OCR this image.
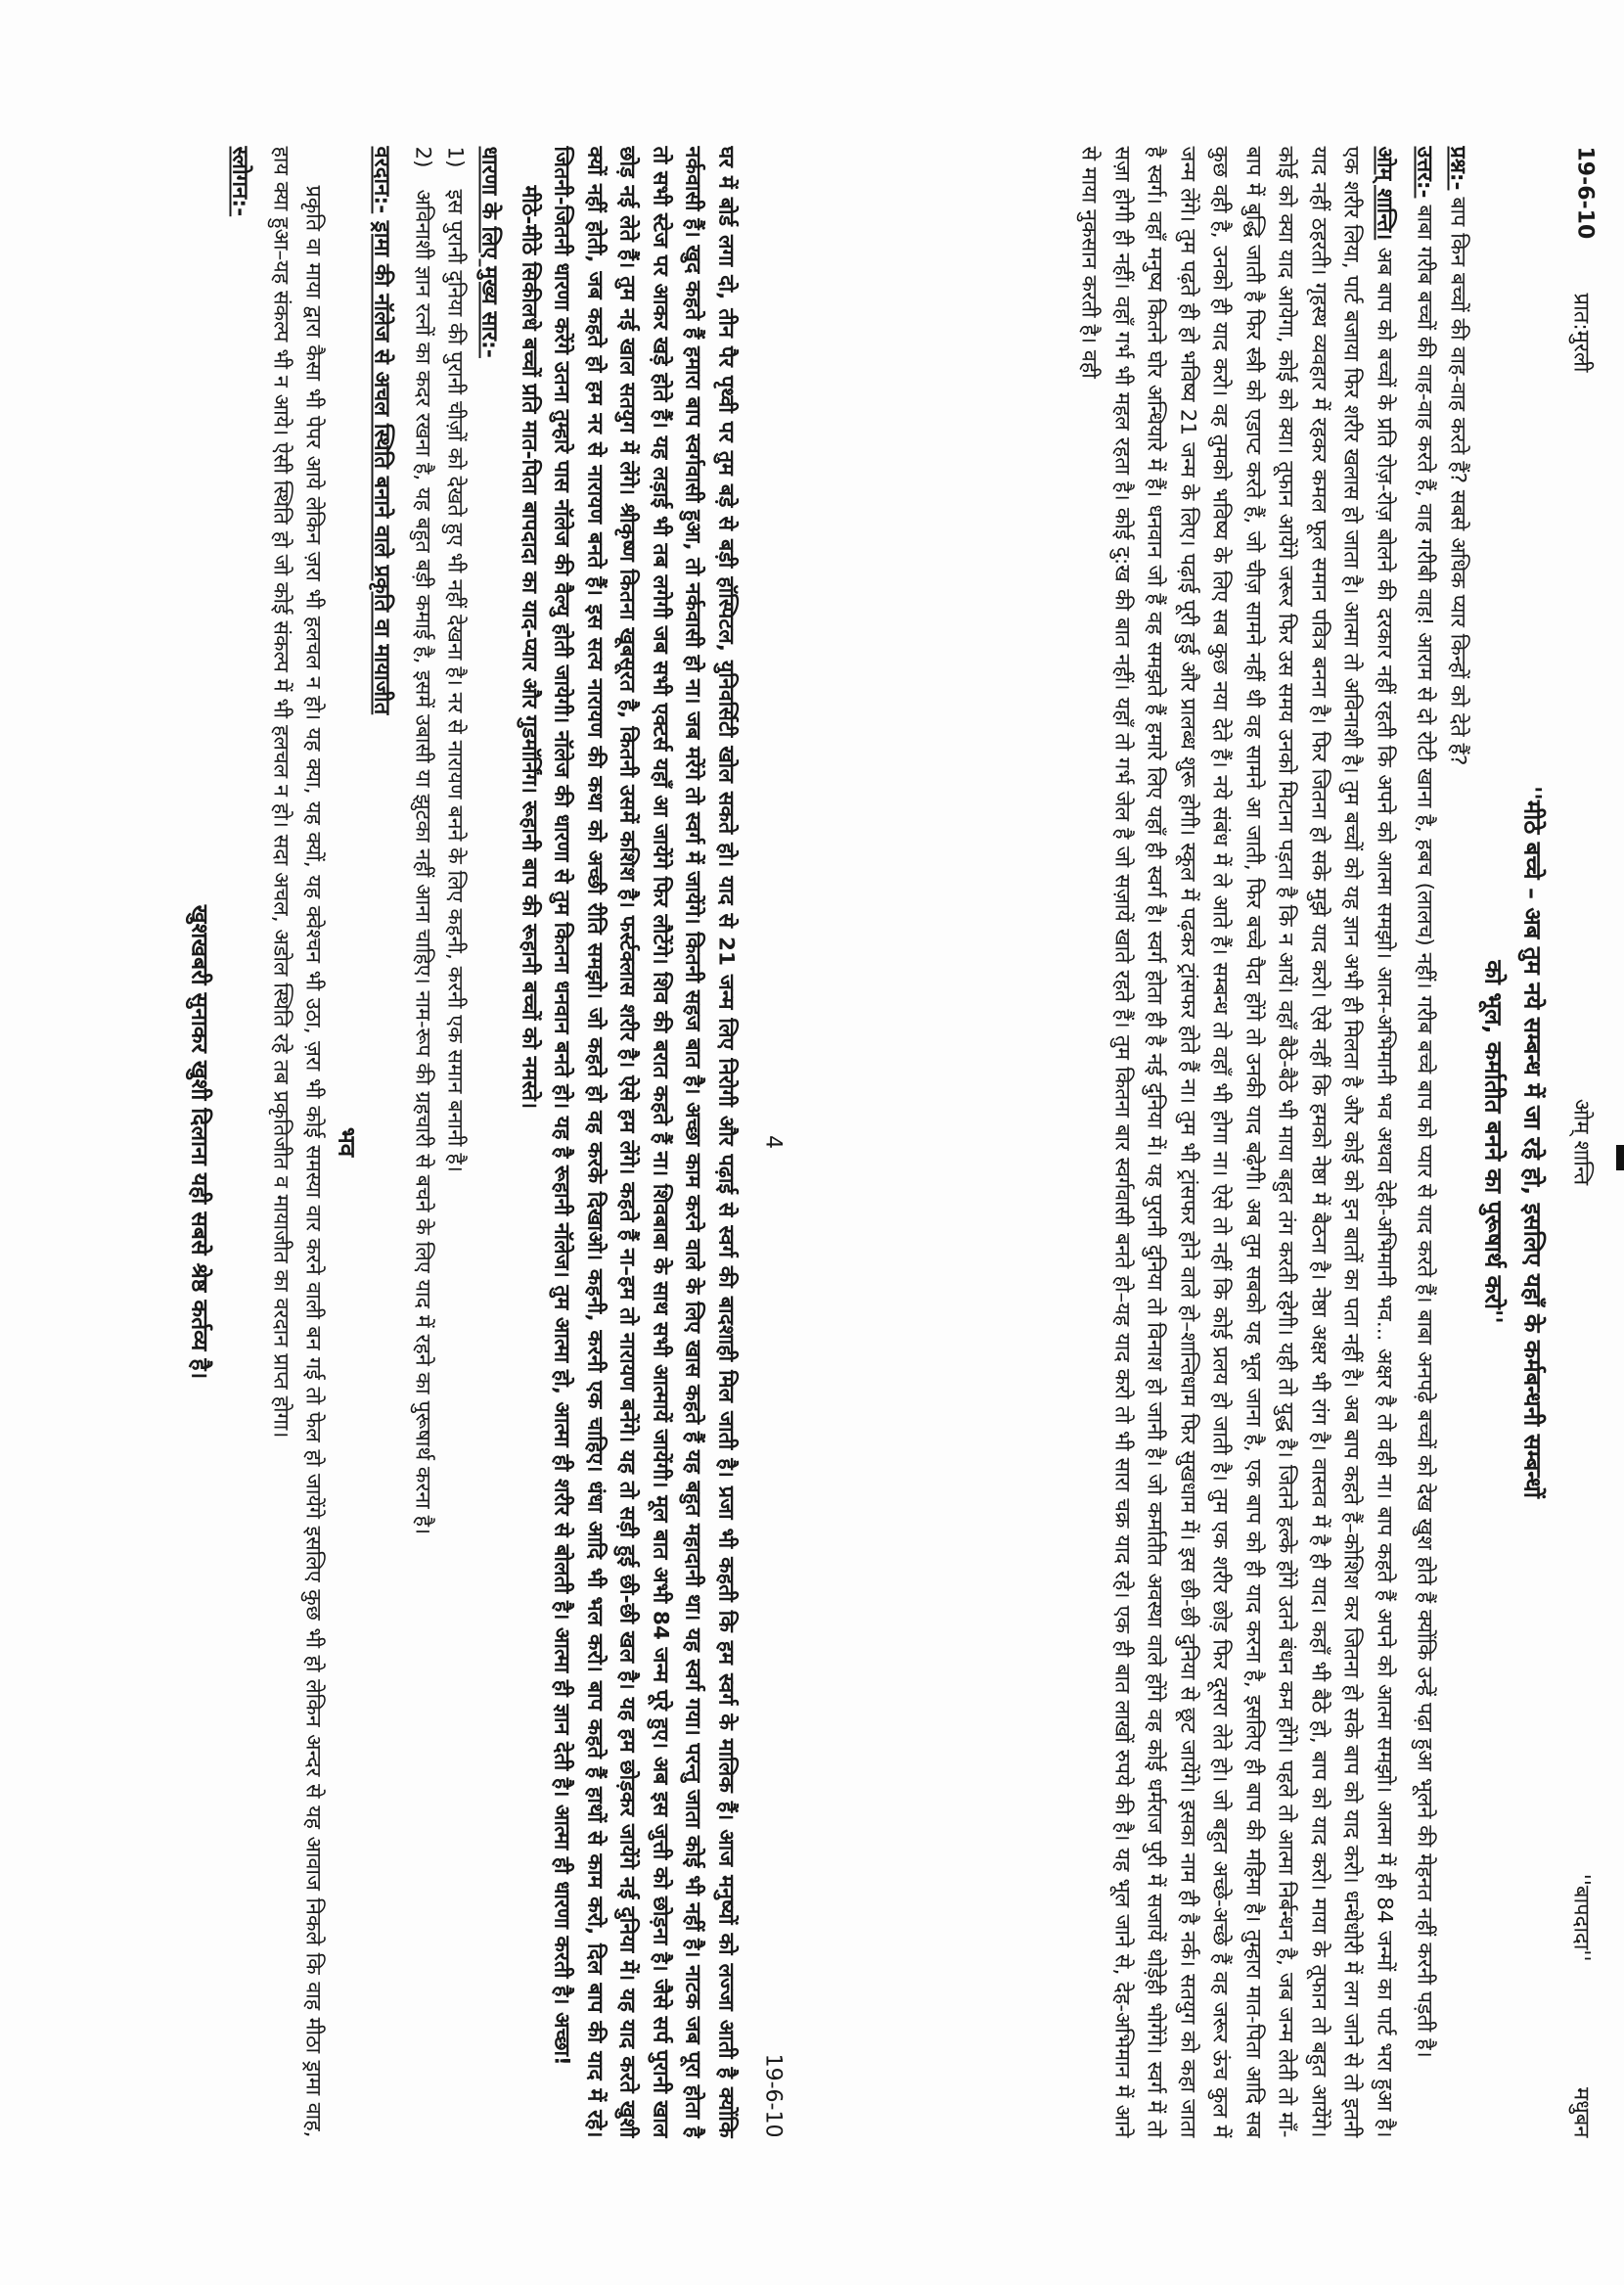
19-6-10
प्रात:मुरली
ओम् शान्ति
''बापदादा''
मधुबन
''मीठे बच्चे – अब तुम नये सम्बन्ध में जा रहे हो, इसलिए यहाँ के कर्मबन्धनी सम्बन्धों
को भूल, कर्मातीत बनने का पुरूषार्थ करो''

प्रश्न:- बाप किन बच्चों की वाह-वाह करते हैं? सबसे अधिक प्यार किन्हों को देते हैं?

उत्तर:- बाबा गरीब बच्चों की वाह-वाह करते हैं, वाह गरीबी वाह! आराम से दो रोटी खाना है, हबच (लालच) नहीं। गरीब बच्चे बाप को प्यार से याद करते हैं। बाबा अनपढ़े बच्चों को देख खुश होते हैं क्योंकि उन्हें पढ़ा हुआ भूलने की मेहनत नहीं करनी पड़ती है।

ओम् शान्ति। अब बाप को बच्चों के प्रति रोज़-रोज़ बोलने की दरकार नहीं रहती कि अपने को आत्मा समझो। आत्म-अभिमानी भव अथवा देही-अभिमानी भव... अक्षर है तो वही ना। बाप कहते हैं अपने को आत्मा समझो। आत्मा में ही 84 जन्मों का पार्ट भरा हुआ है। एक शरीर लिया, पार्ट बजाया फिर शरीर खलास हो जाता है। आत्मा तो अविनाशी है। तुम बच्चों को यह ज्ञान अभी ही मिलता है और कोई को इन बातों का पता नहीं है। अब बाप कहते हैं–कोशिश कर जितना हो सके बाप को याद करो। धन्धेधोरी में लग जाने से तो इतनी याद नहीं ठहरती। गृहस्थ व्यवहार में रहकर कमल फूल समान पवित्र बनना है। फिर जितना हो सके मुझे याद करो। ऐसे नहीं कि हमको नेष्ठा में बैठना है। नेष्ठा अक्षर भी रांग है। वास्तव में है ही याद। कहाँ भी बैठे हो, बाप को याद करो। माया के तूफान तो बहुत आयेंगे। कोई को क्या याद आयेगा, कोई को क्या। तूफान आयेंगे जरूर फिर उस समय उनको मिटाना पड़ता है कि न आयें। वहाँ बैठे-बैठे भी माया बहुत तंग करती रहेगी। यही तो युद्ध है। जितने हल्के होंगे उतने बंधन कम होंगे। पहले तो आत्मा निर्बन्धन है, जब जन्म लेती तो माँ-बाप में बुद्धि जाती है फिर स्त्री को एडाप्ट करते हैं, जो चीज़ सामने नहीं थी वह सामने आ जाती, फिर बच्चे पैदा होंगे तो उनकी याद बढ़ेगी। अब तुम सबको यह भूल जाना है, एक बाप को ही याद करना है, इसलिए ही बाप की महिमा है। तुम्हारा मात-पिता आदि सब कुछ वही है, उनको ही याद करो। वह तुमको भविष्य के लिए सब कुछ नया देते हैं। नये संबंध में ले आते हैं। सम्बन्ध तो वहाँ भी होगा ना। ऐसे तो नहीं कि कोई प्रलय हो जाती है। तुम एक शरीर छोड़ फिर दूसरा लेते हो। जो बहुत अच्छे-अच्छे हैं वह जरूर ऊंच कुल में जन्म लेंगे। तुम पढ़ते ही हो भविष्य 21 जन्म के लिए। पढ़ाई पूरी हुई और प्रालब्ध शुरू होगी। स्कूल में पढ़कर ट्रांसफर होते हैं ना। तुम भी ट्रांसफर होने वाले हो–शान्तिधाम फिर सुखधाम में। इस छी-छी दुनिया से छूट जायेंगे। इसका नाम ही है नर्क। सतयुग को कहा जाता है स्वर्ग। वहाँ मनुष्य कितने घोर अन्धियारे में हैं। धनवान जो हैं वह समझते हैं हमारे लिए यहाँ ही स्वर्ग है। स्वर्ग होता ही है नई दुनिया में। यह पुरानी दुनिया तो विनाश हो जानी है। जो कर्मातीत अवस्था वाले होंगे वह कोई धर्मराज पुरी में सजायें थोड़ेही भोगेंगे। स्वर्ग में तो सज़ा होगी ही नहीं। वहाँ गर्भ भी महल रहता है। कोई दु:ख की बात नहीं। यहाँ तो गर्भ जेल है जो सज़ायें खाते रहते हैं। तुम कितना बार स्वर्गवासी बनते हो–यह याद करो तो भी सारा चक्र याद रहे। एक ही बात लाखों रुपये की है। यह भूल जाने से, देह-अभिमान में आने से माया नुकसान करती है। वही

4
19-6-10

घर में बोर्ड लगा दो, तीन पैर पृथ्वी पर तुम बड़े से बड़ी हॉस्पिटल, युनिवर्सिटी खोल सकते हो। याद से 21 जन्म लिए निरोगी और पढ़ाई से स्वर्ग की बादशाही मिल जाती है। प्रजा भी कहती कि हम स्वर्ग के मालिक हैं। आज मनुष्यों को लज्जा आती है क्योंकि नर्कवासी हैं। खुद कहते हैं हमारा बाप स्वर्गवासी हुआ, तो नर्कवासी हो ना। जब मरेंगे तो स्वर्ग में जायेंगे। कितनी सहज बात है। अच्छा काम करने वाले के लिए खास कहते हैं यह बहुत महादानी था। यह स्वर्ग गया। परन्तु जाता कोई भी नहीं है। नाटक जब पूरा होता है तो सभी स्टेज पर आकर खड़े होते हैं। यह लड़ाई भी तब लगेगी जब सभी एक्टर्स यहाँ आ जायेंगे फिर लौटेंगे। शिव की बरात कहते हैं ना। शिवबाबा के साथ सभी आत्मायें जायेंगी। मूल बात अभी 84 जन्म पूरे हुए। अब इस जुत्ती को छोड़ना है। जैसे सर्प पुरानी खाल छोड़ नई लेते हैं। तुम नई खाल सतयुग में लेंगे। श्रीकृष्ण कितना खूबसूरत है, कितनी उसमें कशिश है। फर्स्टक्लास शरीर है। ऐसे हम लेंगे। कहते हैं ना–हम तो नारायण बनेंगे। यह तो सड़ी हुई छी-छी खल है। यह हम छोड़कर जायेंगे नई दुनिया में। यह याद करते खुशी क्यों नहीं होती, जब कहते हो हम नर से नारायण बनते हैं। इस सत्य नारायण की कथा को अच्छी रीति समझो। जो कहते हो वह करके दिखाओ। कहनी, करनी एक चाहिए। धंधा आदि भी भल करो। बाप कहते हैं हाथों से काम करो, दिल बाप की याद में रहे। जितनी-जितनी धारणा करेंगे उतना तुम्हारे पास नॉलेज की वैल्यु होती जायेगी। नॉलेज की धारणा से तुम कितना धनवान बनते हो। यह है रूहानी नॉलेज। तुम आत्मा हो, आत्मा ही शरीर से बोलती है। आत्मा ही ज्ञान देती है। आत्मा ही धारणा करती है। अच्छा!

मीठे-मीठे सिकीलधे बच्चों प्रति मात-पिता बापदादा का याद-प्यार और गुडमॉर्निंग। रूहानी बाप की रूहानी बच्चों को नमस्ते।

धारणा के लिए मुख्य सार:-
1)
इस पुरानी दुनिया की पुरानी चीज़ों को देखते हुए भी नहीं देखना है। नर से नारायण बनने के लिए कहनी, करनी एक समान बनानी है।
2)
अविनाशी ज्ञान रत्नों का कदर रखना है, यह बहुत बड़ी कमाई है, इसमें उबासी या झुटका नहीं आना चाहिए। नाम-रूप की ग्रहचारी से बचने के लिए याद में रहने का पुरूषार्थ करना है।
वरदान:- ड्रामा की नॉलेज से अचल स्थिति बनाने वाले प्रकृति वा मायाजीत
भव

प्रकृति वा माया द्वारा कैसा भी पेपर आये लेकिन ज़रा भी हलचल न हो। यह क्या, यह क्यों, यह क्वेश्चन भी उठा, ज़रा भी कोई समस्या वार करने वाली बन गई तो फेल हो जायेंगे इसलिए कुछ भी हो लेकिन अन्दर से यह आवाज निकले कि वाह मीठा ड्रामा वाह, हाय क्या हुआ–यह संकल्प भी न आये। ऐसी स्थिति हो जो कोई संकल्प में भी हलचल न हो। सदा अचल, अडोल स्थिति रहे तब प्रकृतिजीत व मायाजीत का वरदान प्राप्त होगा।

स्लोगन:-
खुशखबरी सुनाकर खुशी दिलाना यही सबसे श्रेष्ठ कर्तव्य है।
